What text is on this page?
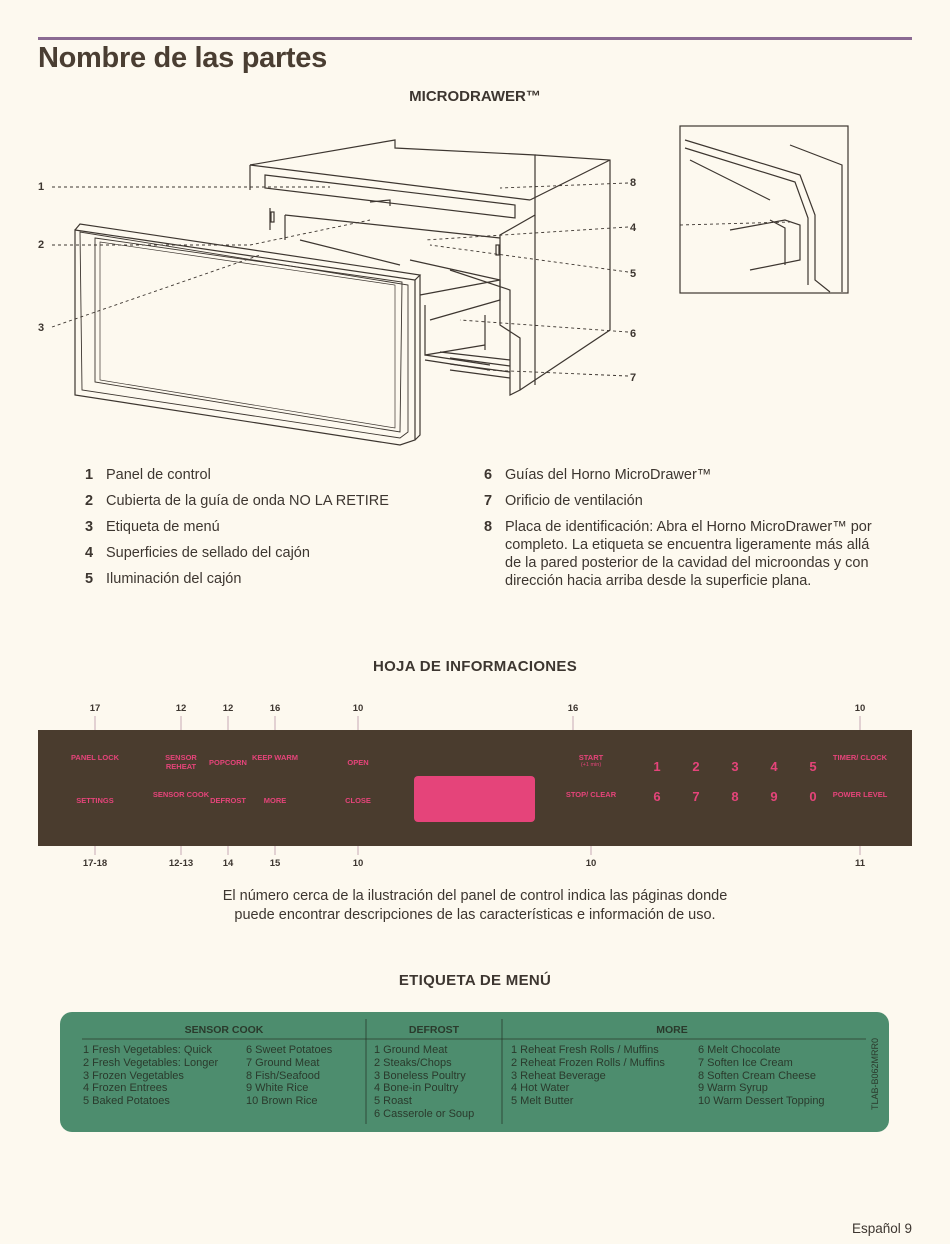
Nombre de las partes
MICRODRAWER™
1
2
3
8
4
5
6
7
1 Panel de control
2 Cubierta de la guía de onda NO LA RETIRE
3 Etiqueta de menú
4 Superficies de sellado del cajón
5 Iluminación del cajón
6 Guías del Horno MicroDrawer™
7 Orificio de ventilación
8 Placa de identificación: Abra el Horno MicroDrawer™ por completo. La etiqueta se encuentra ligeramente más allá de la pared posterior de la cavidad del microondas y con dirección hacia arriba desde la superficie plana.
HOJA DE INFORMACIONES
17	12	12	16	10	16	10
17-18	12-13	14	15	10	10	11
PANEL LOCK	SENSOR REHEAT	POPCORN
KEEP WARM
OPEN
START
(+1 min)
TIMER/ CLOCK
SETTINGS
SENSOR COOK
DEFROST	MORE	CLOSE
STOP/ CLEAR	POWER LEVEL
1	2	3	4	5
6	7	8	9	0
El número cerca de la ilustración del panel de control indica las páginas donde
puede encontrar descripciones de las características e información de uso.
ETIQUETA DE MENÚ
SENSOR COOK	DEFROST	MORE
1 Fresh Vegetables: Quick
2 Fresh Vegetables: Longer
3 Frozen Vegetables
4 Frozen Entrees
5 Baked Potatoes
6 Sweet Potatoes
7 Ground Meat
8 Fish/Seafood
9 White Rice
10 Brown Rice
1 Ground Meat
2 Steaks/Chops
3 Boneless Poultry
4 Bone-in Poultry
5 Roast
6 Casserole or Soup
1 Reheat Fresh Rolls / Muffins
2 Reheat Frozen Rolls / Muffins
3 Reheat Beverage
4 Hot Water
5 Melt Butter
6 Melt Chocolate
7 Soften Ice Cream
8 Soften Cream Cheese
9 Warm Syrup
10 Warm Dessert Topping	TLAB-B062MRR0
Español 9
